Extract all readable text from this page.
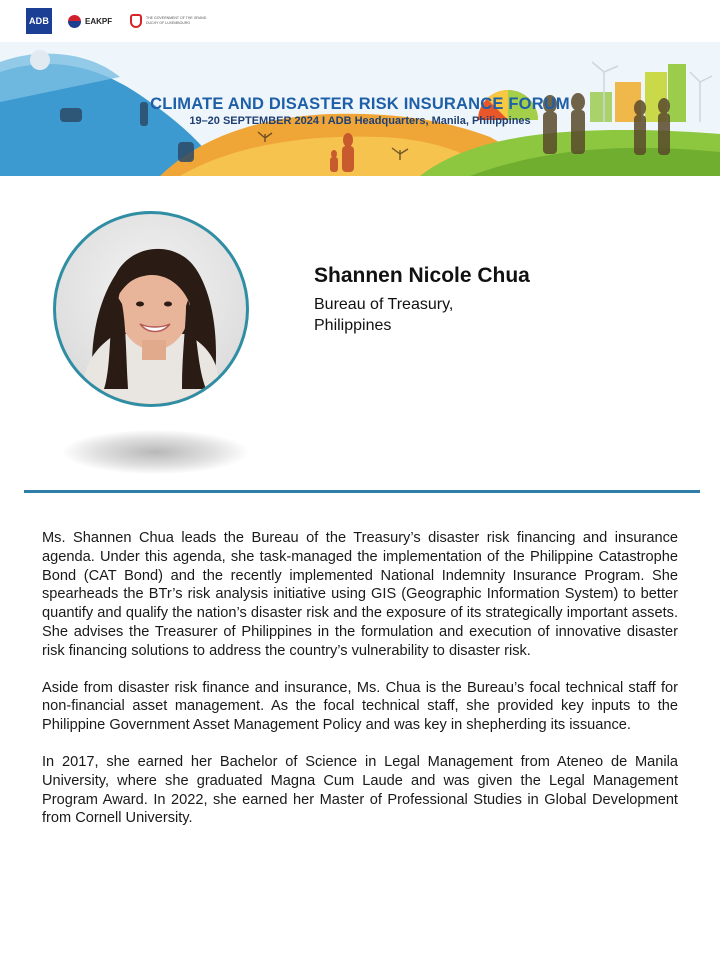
ADB	EAKPF	THE GOVERNMENT OF THE GRAND DUCHY OF LUXEMBOURG
CLIMATE AND DISASTER RISK INSURANCE FORUM
19–20 SEPTEMBER 2024 I ADB Headquarters, Manila, Philippines
Shannen Nicole Chua
Bureau of Treasury,
Philippines

Ms. Shannen Chua leads the Bureau of the Treasury’s disaster risk financing and insurance agenda. Under this agenda, she task-managed the implementation of the Philippine Catastrophe Bond (CAT Bond) and the recently implemented National Indemnity Insurance Program. She spearheads the BTr’s risk analysis initiative using GIS (Geographic Information System) to better quantify and qualify the nation’s disaster risk and the exposure of its strategically important assets. She advises the Treasurer of Philippines in the formulation and execution of innovative disaster risk financing solutions to address the country’s vulnerability to disaster risk.

Aside from disaster risk finance and insurance, Ms. Chua is the Bureau’s focal technical staff for non-financial asset management. As the focal technical staff, she provided key inputs to the Philippine Government Asset Management Policy and was key in shepherding its issuance.

In 2017, she earned her Bachelor of Science in Legal Management from Ateneo de Manila University, where she graduated Magna Cum Laude and was given the Legal Management Program Award. In 2022, she earned her Master of Professional Studies in Global Development from Cornell University.
